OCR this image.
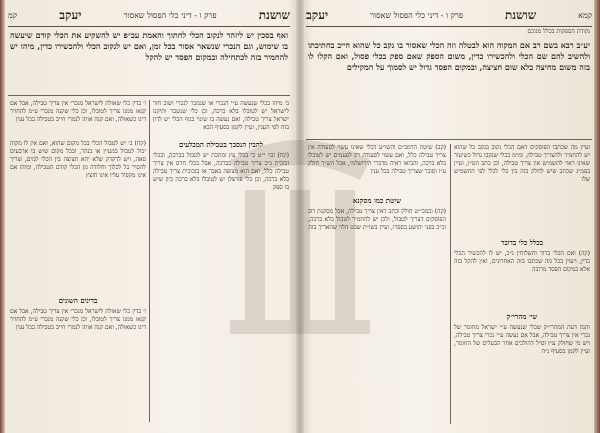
שושנת
פרק ו - דיני כלי הפסול שאסור
יעקב
קמ
ואף בסכין יש ליזהר לנקוב הכלי לחתוך והאמת עכ״פ יש להשקיע את הכלי קודם שיעשה בו שימוש, וגם הנכרי שנשאר אסור בכל זמן, ואם יש לנקוב הכלי ולהכשירו כדין, מיהו יש להחמיר בזה לכתחילה ובמקום הפסד יש להקל
ב׳ מיהו בכלי שנעשה ע״י הנכרי או שנמכר לנכרי ושוב חזר לישראל יש לטובלו בלא ברכה, וכן כלי שנשבר ותיקנו ישראל צריך טבילה, ואם נעשה בו שינוי בגוף הכלי יש לדון בזה לפי הענין, ועיין לקמן בסעיף הבא
ו׳ בדין כלי שאולה לישראל מנכרי אין צריך טבילה, אבל אם קנאו ממנו צריך לטובלו, וכן כלי שקנה מנכרי ע״מ להחזיר דינו כשאולה, ואם קנה אותו לגמרי חייב בטבילה בכל ענין
להבין הנסבך בטבילת המבלעים
(קח) ובו׳ י״ט כי בכלי עץ ומתכת יש לטבול בברכה, ובכלי זכוכית ג״כ צריך טבילה בברכה, אבל בכלי חרס אין צריך טבילה כלל, ואם הוא מצופה באבר או בזכוכית צריך טבילה בלא ברכה, וכן כלי פורצלן יש לטובלו בלא ברכה כיון שיש בו ספק
(קח) ב׳ יש לטבול הכלי בכל מקום שהוא, ואם אין לו מקוה יכול לטבול במעיין או בנהר, ובכל מקום שיש בו ארבעים סאה, ויש לדקדק שלא יהא חציצה בין הכלי למים, וצריך להסיר כל לכלוך וחלודה מן הכלי קודם הטבילה, ומיהו אם אינו מקפיד עליו אינו חוצץ
בדינים השונים
ו׳ בדין כלי שאולה לישראל מנכרי אין צריך טבילה, אבל אם קנאו ממנו צריך לטובלו, וכן כלי שקנה מנכרי ע״מ להחזיר דינו כשאולה, ואם קנה אותו לגמרי חייב בטבילה בכל ענין
קמא
שושנת
פרק ו - דיני כלי הפסול שאסור
יעקב
נקודת הספקות בכלל מגוכם
יע״ב רבא בשם רב אם המקוה הוא לבטלה וזה הכלי שאסור בו נקב כל שהוא חייב בחתיכתו ולהשיב להם שם הכלי ולהכשירו כדין, משום הספק שאם ספק בכלי פסול, ואם הקלו לו בזה משום מחיצה בלא שום חציצה, ובמקום הפסד גדול יש לסמוך על המקילים
ועיין מה שכתבו הפוסקים דאם הכלי נקוב בנקב כל שהוא יש להחמיר ולהצריך טבילה, ומ״מ בכלי שנקבו גדול כשיעור שאינו ראוי לתשמיש אין צריך טבילה, וכן כתב הט״ז, ועיין בפמ״ג שכתב שיש לחלק בזה בין כלי לכלי לפי התשמיש שלו
בכלל כלי בדובר
(קה) ואם הכלי ברור והשלוחין ג״כ, יש לו להכשיר הכלי כדין, ויעוין בכל מה שכתבו בזה האחרונים, ואין להקל בזה אלא במקום הפסד מרובה
שי׳ מהרי״ק
והנה דעת המהרי״ק שכלי שנעשה ע״י ישראל מחומר של נכרי אין צריך טבילה, אבל אם נעשה ע״י נכרי צריך טבילה, ויש מי שחולק ע״ז וס״ל דהולכים אחר הבעלים של החומר, ועיין לקמן בסעיף נ״ה
(קב) שיטת הרמב״ם והשו״ע דכלי שאינו עשוי לסעודה אין צריך טבילה כלל, ואם עשוי לסעודה רק לפעמים יש לטובלו בלא ברכה, והביאו ראיה מדברי הירושלמי, אבל הש״ך חולק ע״ז וסובר שצריך טבילה בכל ענין
שיטת כמו מסקנא
(קה) ובמבי״ט חולק וכתב דאין צריך טבילה, אבל מסקנת רוב הפוסקים דצריך לטבול, ולכן יש להחמיר לטבול בלא ברכה, וכ״כ בפני יהושע בספרו, ועיין בשו״ת שבט הלוי שהאריך בזה
